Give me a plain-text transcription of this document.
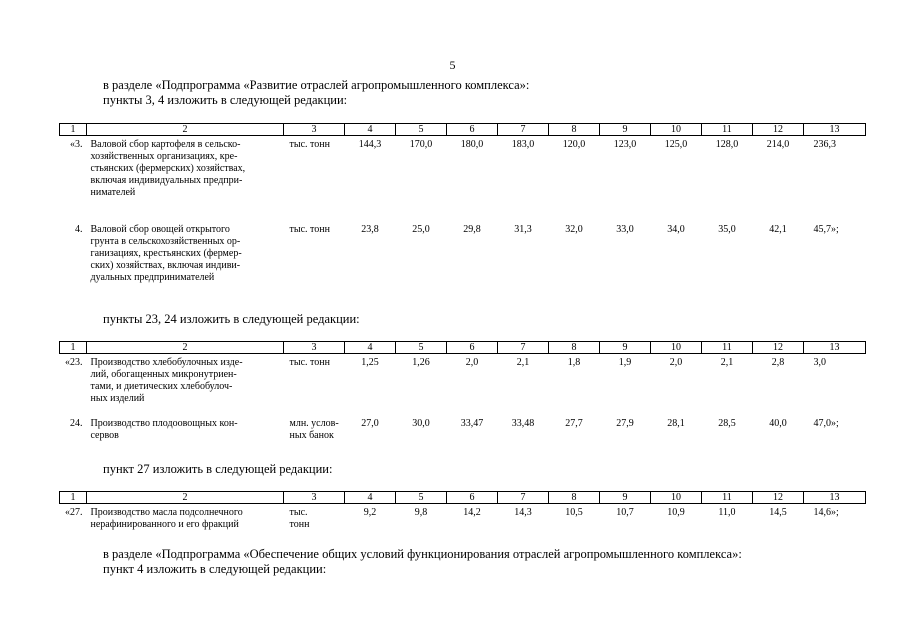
5
в разделе «Подпрограмма «Развитие отраслей агропромышленного комплекса»:
пункты 3, 4 изложить в следующей редакции:
1	2	3	4	5	6	7	8	9	10	11	12	13
«3.	Валовой сбор картофеля в сельско-
хозяйственных организациях, кре-
стьянских (фермерских) хозяйствах,
включая индивидуальных предпри-
нимателей	тыс. тонн	144,3	170,0	180,0	183,0	120,0	123,0	125,0	128,0	214,0	236,3
4.	Валовой сбор овощей открытого
грунта в сельскохозяйственных ор-
ганизациях, крестьянских (фермер-
ских) хозяйствах, включая индиви-
дуальных предпринимателей	тыс. тонн	23,8	25,0	29,8	31,3	32,0	33,0	34,0	35,0	42,1	45,7»;
пункты 23, 24 изложить в следующей редакции:
1	2	3	4	5	6	7	8	9	10	11	12	13
«23.	Производство хлебобулочных изде-
лий, обогащенных микронутриен-
тами, и диетических хлебобулоч-
ных изделий	тыс. тонн	1,25	1,26	2,0	2,1	1,8	1,9	2,0	2,1	2,8	3,0
24.	Производство плодоовощных кон-
сервов	млн. услов-
ных банок	27,0	30,0	33,47	33,48	27,7	27,9	28,1	28,5	40,0	47,0»;
пункт 27 изложить в следующей редакции:
1	2	3	4	5	6	7	8	9	10	11	12	13
«27.	Производство масла подсолнечного
нерафинированного и его фракций	тыс.
тонн	9,2	9,8	14,2	14,3	10,5	10,7	10,9	11,0	14,5	14,6»;
в разделе «Подпрограмма «Обеспечение общих условий функционирования отраслей агропромышленного комплекса»:
пункт 4 изложить в следующей редакции:
